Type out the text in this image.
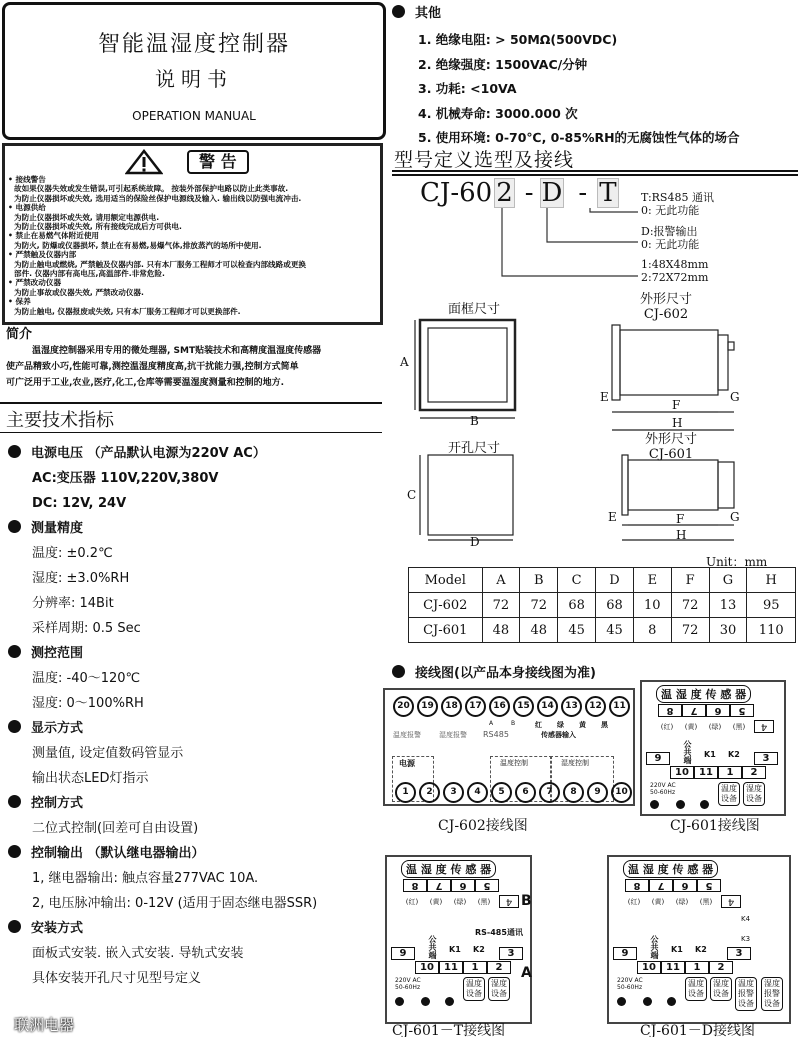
智能温湿度控制器
说明书
OPERATION MANUAL
警 告
• 接线警告
故如果仪器失效或发生错误,可引起系统故障。 按装外部保护电路以防止此类事故.
为防止仪器损坏或失效, 选用适当的保险丝保护电源线及输入. 输出线以防强电流冲击.
• 电源供给
为防止仪器损坏或失效, 请用额定电源供电.
为防止仪器损坏或失效, 所有接线完成后方可供电.
• 禁止在易燃气体附近使用
为防火, 防爆或仪器损坏, 禁止在有易燃,易爆气体,排放蒸汽的场所中使用.
• 严禁触及仪器内部
为防止触电或燃烧, 严禁触及仪器内部. 只有本厂服务工程师才可以检查内部线路或更换
部件. 仪器内部有高电压,高温部件.非常危险.
• 严禁改动仪器
为防止事故或仪器失效, 严禁改动仪器.
• 保养
为防止触电, 仪器报废或失效, 只有本厂服务工程师才可以更换部件.
简介
温湿度控制器采用专用的微处理器, SMT贴装技术和高精度温湿度传感器
使产品精致小巧,性能可靠,测控温湿度精度高,抗干扰能力强,控制方式简单
可广泛用于工业,农业,医疗,化工,仓库等需要温湿度测量和控制的地方.
主要技术指标
电源电压 （产品默认电源为220V AC）
AC:变压器 110V,220V,380V
DC: 12V, 24V
测量精度
温度: ±0.2℃
湿度: ±3.0%RH
分辨率: 14Bit
采样周期: 0.5 Sec
测控范围
温度: -40～120℃
湿度: 0～100%RH
显示方式
测量值, 设定值数码管显示
输出状态LED灯指示
控制方式
二位式控制(回差可自由设置)
控制输出 （默认继电器输出）
1, 继电器输出: 触点容量277VAC 10A.
2, 电压脉冲输出: 0-12V (适用于固态继电器SSR)
安装方式
面板式安装. 嵌入式安装. 导轨式安装
具体安装开孔尺寸见型号定义
联洲电器
其他
1. 绝缘电阻: > 50MΩ(500VDC)
2. 绝缘强度: 1500VAC/分钟
3. 功耗: <10VA
4. 机械寿命: 3000.000 次
5. 使用环境: 0-70℃, 0-85%RH的无腐蚀性气体的场合
型号定义选型及接线
CJ-60 2 - D - T T:RS485 通讯
0: 无此功能
D:报警输出
0: 无此功能
1:48X48mm
2:72X72mm
面框尺寸
A
B
外形尺寸
CJ-602
E
F
G
H
开孔尺寸
C
D
外形尺寸
CJ-601
E	F	G
H
Unit：mm
Model	A	B	C	D	E	F	G	H
CJ-602	72	72	68	68	10	72	13	95
CJ-601	48	48	45	45	8	72	30	110
接线图(以产品本身接线图为准)
20	19	18	17	16	15	14	13	12	11
温度报警	湿度报警 RS485
A	B	红 绿 黄 黑
传感器输入
电源	温度控制	湿度控制
1	2	3	4	5	6	7	8	9	10
CJ-602接线图
温 湿 度 传 感 器
8	7	6	5
(红)	(黄)	(绿)	(黑)	4
公共端 K1 K2
10	11	1	2
9	3
220V AC
50-60Hz	温度
设备
湿度
设备
CJ-601接线图
温 湿 度 传 感 器
8	7	6	5
(红)	(黄)	(绿)	(黑)	4
公共端 K1 K2
10	11	1	2
9	3
220V AC
50-60Hz	温度
设备
湿度
设备
RS-485通讯
B
A
CJ-601－T接线图
温 湿 度 传 感 器
8	7	6	5
(红)	(黄)	(绿)	(黑)	4
公共端 K1 K2
10	11	1	2
9	3
220V AC
50-60Hz	温度
设备
湿度
设备
温度
报警
设备
湿度
报警
设备
K3
K4
CJ-601－D接线图
